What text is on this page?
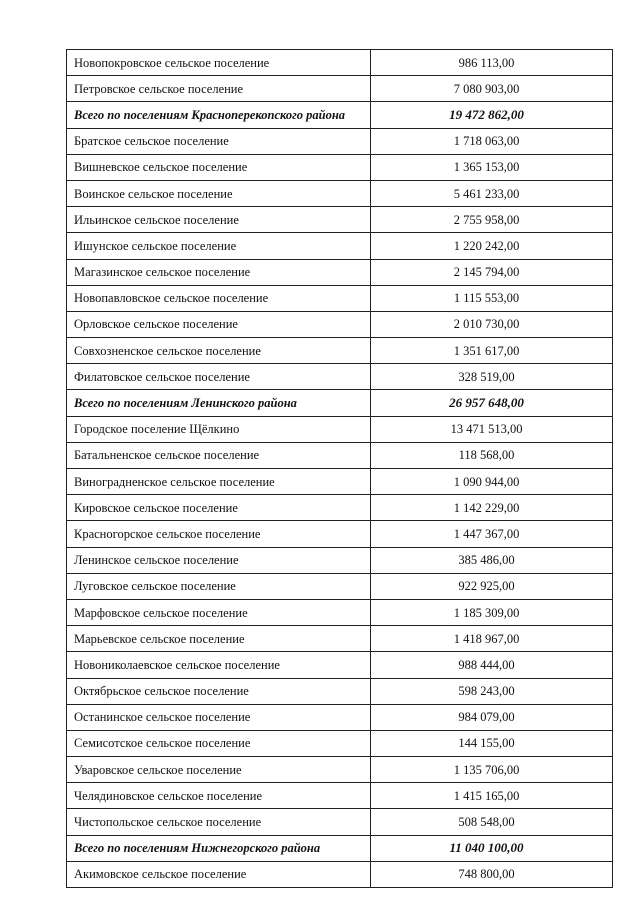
Новопокровское сельское поселение	986 113,00
Петровское сельское поселение	7 080 903,00
Всего по поселениям Красноперекопского района	19 472 862,00
Братское сельское поселение	1 718 063,00
Вишневское сельское поселение	1 365 153,00
Воинское сельское поселение	5 461 233,00
Ильинское сельское поселение	2 755 958,00
Ишунское сельское поселение	1 220 242,00
Магазинское сельское поселение	2 145 794,00
Новопавловское сельское поселение	1 115 553,00
Орловское сельское поселение	2 010 730,00
Совхозненское сельское поселение	1 351 617,00
Филатовское сельское поселение	328 519,00
Всего по поселениям Ленинского района	26 957 648,00
Городское поселение Щёлкино	13 471 513,00
Батальненское сельское поселение	118 568,00
Виноградненское сельское поселение	1 090 944,00
Кировское сельское поселение	1 142 229,00
Красногорское сельское поселение	1 447 367,00
Ленинское сельское поселение	385 486,00
Луговское сельское поселение	922 925,00
Марфовское сельское поселение	1 185 309,00
Марьевское сельское поселение	1 418 967,00
Новониколаевское сельское поселение	988 444,00
Октябрьское сельское поселение	598 243,00
Останинское сельское поселение	984 079,00
Семисотское сельское поселение	144 155,00
Уваровское сельское поселение	1 135 706,00
Челядиновское сельское поселение	1 415 165,00
Чистопольское сельское поселение	508 548,00
Всего по поселениям Нижнегорского района	11 040 100,00
Акимовское сельское поселение	748 800,00
